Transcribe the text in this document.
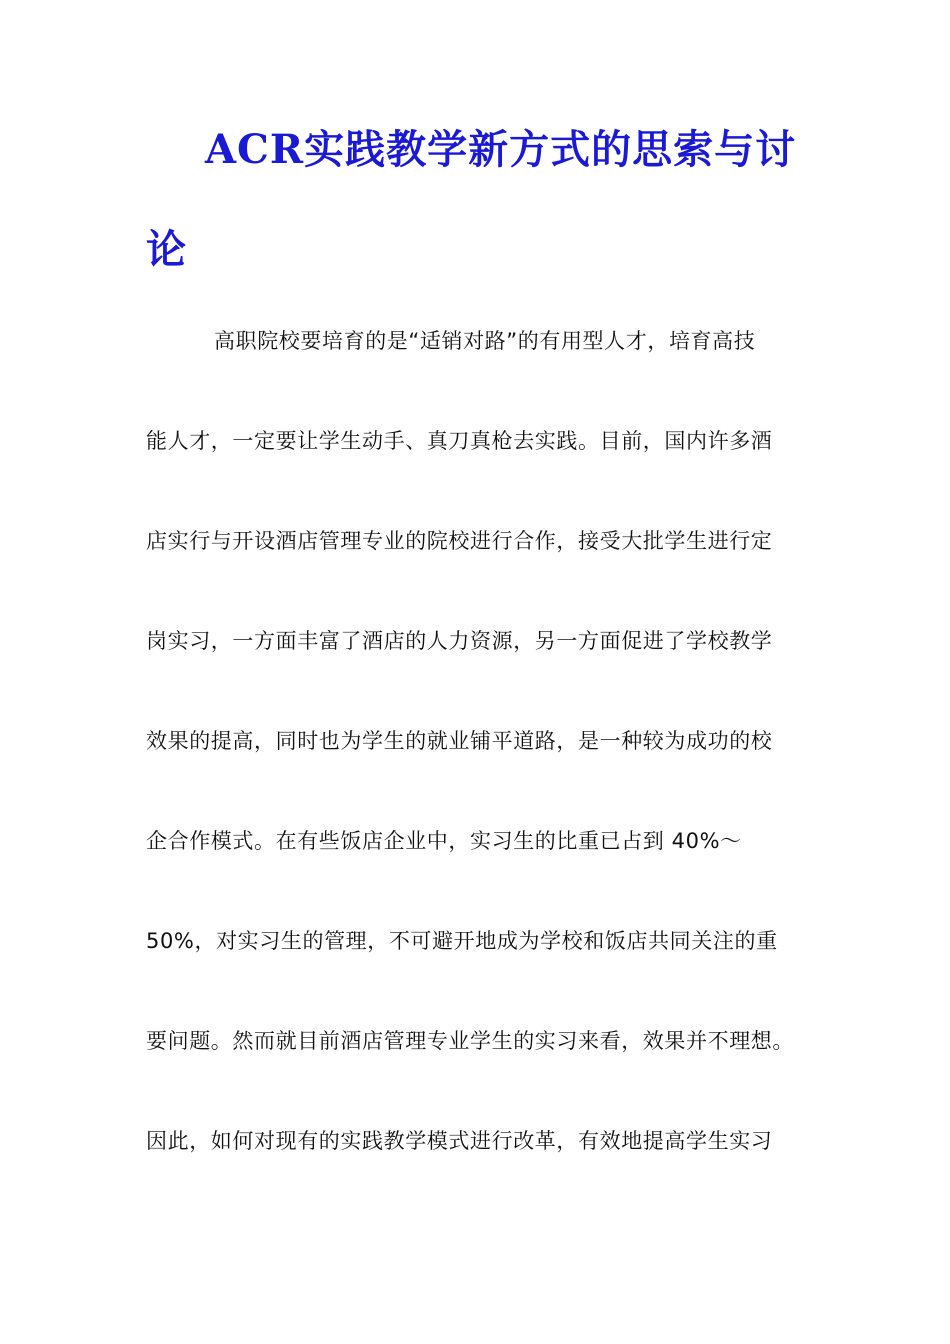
ACR实践教学新方式的思索与讨
论

高职院校要培育的是“适销对路”的有用型人才，培育高技

能人才，一定要让学生动手、真刀真枪去实践。目前，国内许多酒

店实行与开设酒店管理专业的院校进行合作，接受大批学生进行定

岗实习，一方面丰富了酒店的人力资源，另一方面促进了学校教学

效果的提高，同时也为学生的就业铺平道路，是一种较为成功的校

企合作模式。在有些饭店企业中，实习生的比重已占到 40%～

50%，对实习生的管理，不可避开地成为学校和饭店共同关注的重

要问题。然而就目前酒店管理专业学生的实习来看，效果并不理想。

因此，如何对现有的实践教学模式进行改革，有效地提高学生实习
